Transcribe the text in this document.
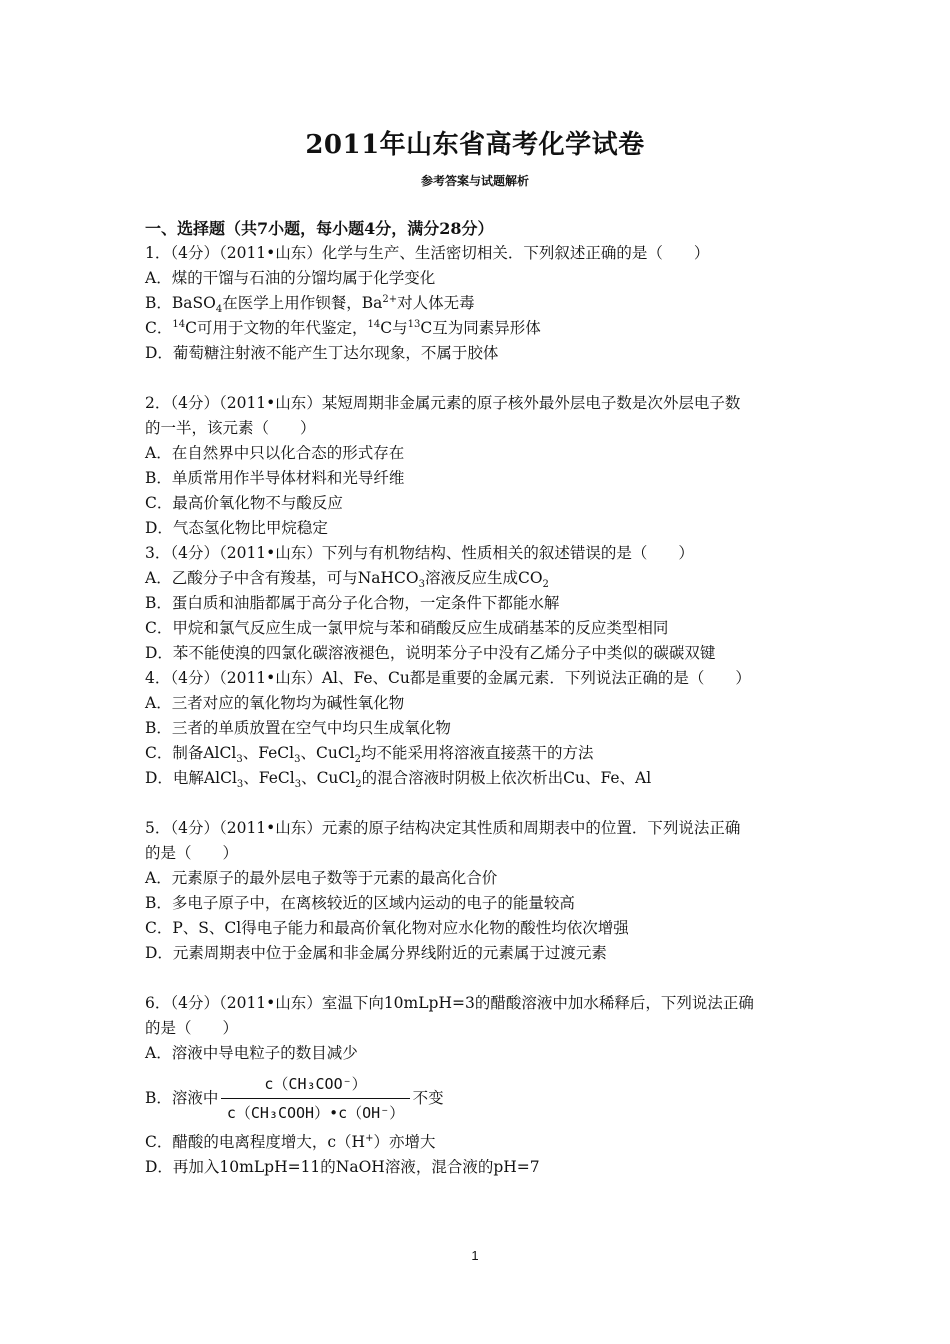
2011年山东省高考化学试卷
参考答案与试题解析
一、选择题（共7小题，每小题4分，满分28分）
1．（4分）（2011•山东）化学与生产、生活密切相关．下列叙述正确的是（　　）
A．煤的干馏与石油的分馏均属于化学变化
B．BaSO$_4$在医学上用作钡餐，$Ba^{2+}$对人体无毒
C．$^{14}$C可用于文物的年代鉴定，$^{14}$C与$^{13}$C互为同素异形体
D．葡萄糖注射液不能产生丁达尔现象，不属于胶体
2．（4分）（2011•山东）某短周期非金属元素的原子核外最外层电子数是次外层电子数
的一半，该元素（　　）
A．在自然界中只以化合态的形式存在
B．单质常用作半导体材料和光导纤维
C．最高价氧化物不与酸反应
D．气态氢化物比甲烷稳定
3．（4分）（2011•山东）下列与有机物结构、性质相关的叙述错误的是（　　）
A．乙酸分子中含有羧基，可与NaHCO$_3$溶液反应生成$CO_2$
B．蛋白质和油脂都属于高分子化合物，一定条件下都能水解
C．甲烷和氯气反应生成一氯甲烷与苯和硝酸反应生成硝基苯的反应类型相同
D．苯不能使溴的四氯化碳溶液褪色，说明苯分子中没有乙烯分子中类似的碳碳双键
4．（4分）（2011•山东）Al、Fe、Cu都是重要的金属元素．下列说法正确的是（　　）
A．三者对应的氧化物均为碱性氧化物
B．三者的单质放置在空气中均只生成氧化物
C．制备AlCl$_3$、FeCl$_3$、CuCl$_2$均不能采用将溶液直接蒸干的方法
D．电解AlCl$_3$、FeCl$_3$、CuCl$_2$的混合溶液时阴极上依次析出Cu、Fe、Al
5．（4分）（2011•山东）元素的原子结构决定其性质和周期表中的位置．下列说法正确
的是（　　）
A．元素原子的最外层电子数等于元素的最高化合价
B．多电子原子中，在离核较近的区域内运动的电子的能量较高
C．P、S、Cl得电子能力和最高价氧化物对应水化物的酸性均依次增强
D．元素周期表中位于金属和非金属分界线附近的元素属于过渡元素
6．（4分）（2011•山东）室温下向10mLpH=3的醋酸溶液中加水稀释后，下列说法正确
的是（　　）
A．溶液中导电粒子的数目减少
B．溶液中 $\frac{\text{c（CH₃COO⁻）}}{\text{c（CH₃COOH）•c（OH⁻）}}$ 不变
C．醋酸的电离程度增大，c（H+）亦增大
D．再加入10mLpH=11的NaOH溶液，混合液的pH=7
1
